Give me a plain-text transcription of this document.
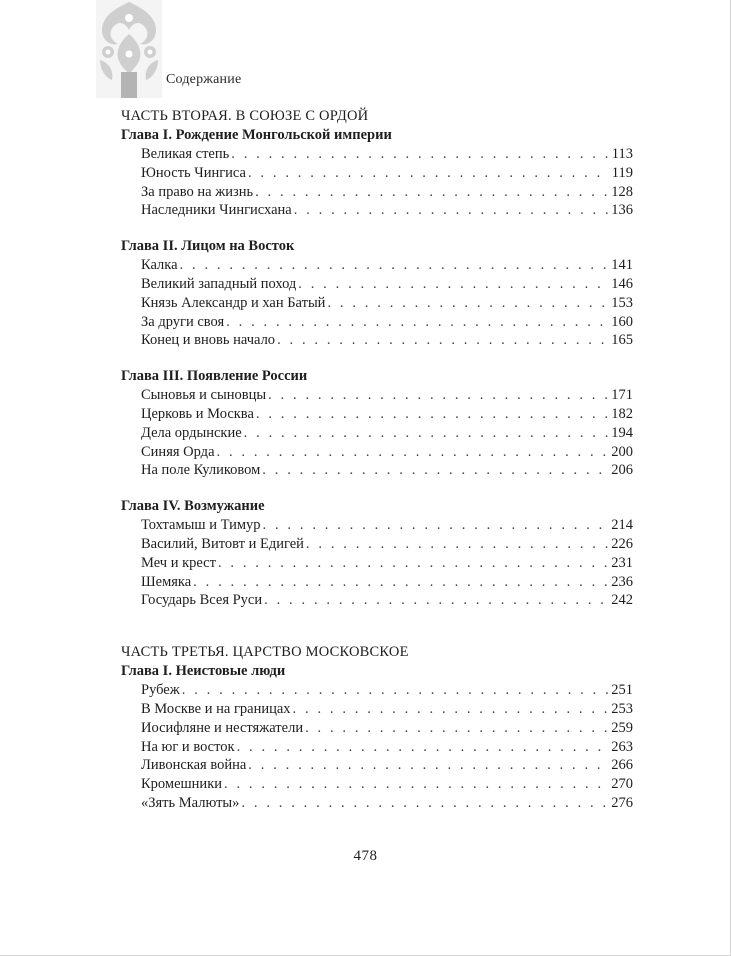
Содержание
ЧАСТЬ ВТОРАЯ. В СОЮЗЕ С ОРДОЙ
Глава I. Рождение Монгольской империи
Великая степь . . .	113
Юность Чингиса . . .	119
За право на жизнь . . .	128
Наследники Чингисхана . . .	136
Глава II. Лицом на Восток
Калка . . .	141
Великий западный поход . . .	146
Князь Александр и хан Батый . . .	153
За други своя . . .	160
Конец и вновь начало . . .	165
Глава III. Появление России
Сыновья и сыновцы . . .	171
Церковь и Москва . . .	182
Дела ордынские . . .	194
Синяя Орда . . .	200
На поле Куликовом . . .	206
Глава IV. Возмужание
Тохтамыш и Тимур . . .	214
Василий, Витовт и Едигей . . .	226
Меч и крест . . .	231
Шемяка . . .	236
Государь Всея Руси . . .	242
ЧАСТЬ ТРЕТЬЯ. ЦАРСТВО МОСКОВСКОЕ
Глава I. Неистовые люди
Рубеж . . .	251
В Москве и на границах . . .	253
Иосифляне и нестяжатели . . .	259
На юг и восток . . .	263
Ливонская война . . .	266
Кромешники . . .	270
«Зять Малюты» . . .	276
478
